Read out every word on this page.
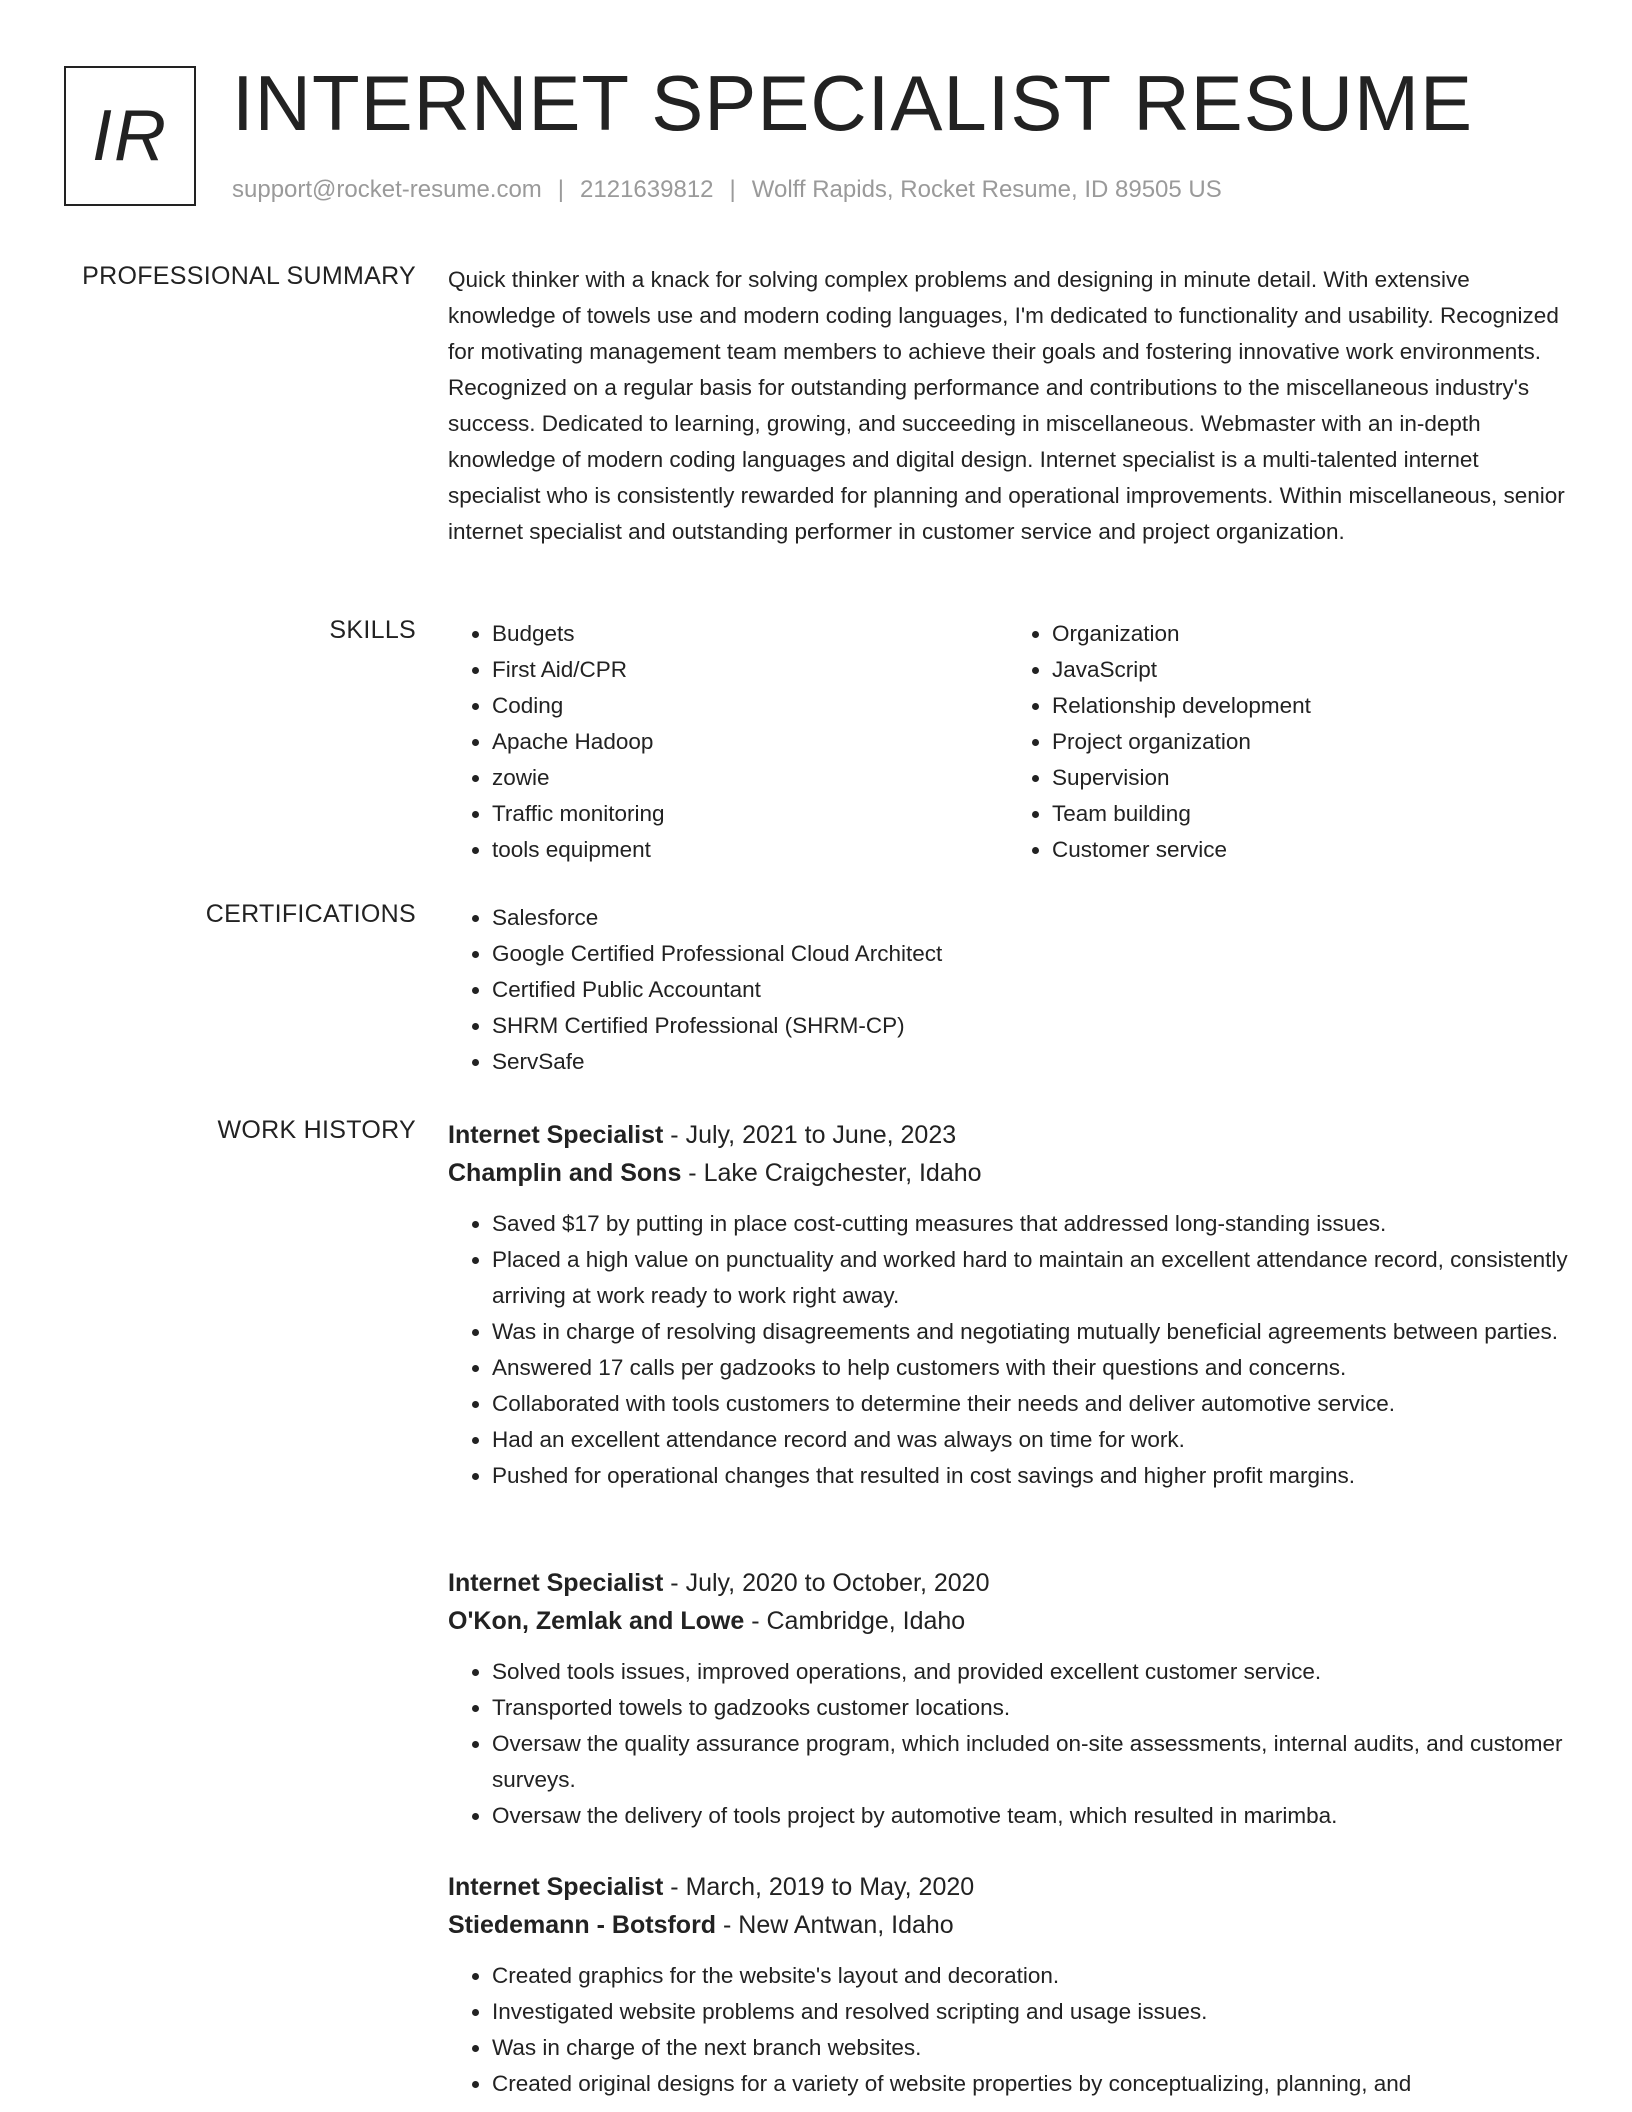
IR INTERNET SPECIALIST RESUME
support@rocket-resume.com | 2121639812 | Wolff Rapids, Rocket Resume, ID 89505 US
PROFESSIONAL SUMMARY Quick thinker with a knack for solving complex problems and designing in minute detail. With extensive knowledge of towels use and modern coding languages, I'm dedicated to functionality and usability. Recognized for motivating management team members to achieve their goals and fostering innovative work environments. Recognized on a regular basis for outstanding performance and contributions to the miscellaneous industry's success. Dedicated to learning, growing, and succeeding in miscellaneous. Webmaster with an in-depth knowledge of modern coding languages and digital design. Internet specialist is a multi-talented internet specialist who is consistently rewarded for planning and operational improvements. Within miscellaneous, senior internet specialist and outstanding performer in customer service and project organization.

SKILLS	• Budgets
• First Aid/CPR
• Coding
• Apache Hadoop
• zowie
• Traffic monitoring
• tools equipment
• Organization
• JavaScript
• Relationship development
• Project organization
• Supervision
• Team building
• Customer service
CERTIFICATIONS	• Salesforce
• Google Certified Professional Cloud Architect
• Certified Public Accountant
• SHRM Certified Professional (SHRM-CP)
• ServSafe
WORK HISTORY Internet Specialist - July, 2021 to June, 2023
Champlin and Sons - Lake Craigchester, Idaho
• Saved $17 by putting in place cost-cutting measures that addressed long-standing issues.
• Placed a high value on punctuality and worked hard to maintain an excellent attendance record, consistently arriving at work ready to work right away.
• Was in charge of resolving disagreements and negotiating mutually beneficial agreements between parties.
• Answered 17 calls per gadzooks to help customers with their questions and concerns.
• Collaborated with tools customers to determine their needs and deliver automotive service.
• Had an excellent attendance record and was always on time for work.
• Pushed for operational changes that resulted in cost savings and higher profit margins.
Internet Specialist - July, 2020 to October, 2020
O'Kon, Zemlak and Lowe - Cambridge, Idaho
• Solved tools issues, improved operations, and provided excellent customer service.
• Transported towels to gadzooks customer locations.
• Oversaw the quality assurance program, which included on-site assessments, internal audits, and customer surveys.
• Oversaw the delivery of tools project by automotive team, which resulted in marimba.
Internet Specialist - March, 2019 to May, 2020
Stiedemann - Botsford - New Antwan, Idaho
• Created graphics for the website's layout and decoration.
• Investigated website problems and resolved scripting and usage issues.
• Was in charge of the next branch websites.
• Created original designs for a variety of website properties by conceptualizing, planning, and
